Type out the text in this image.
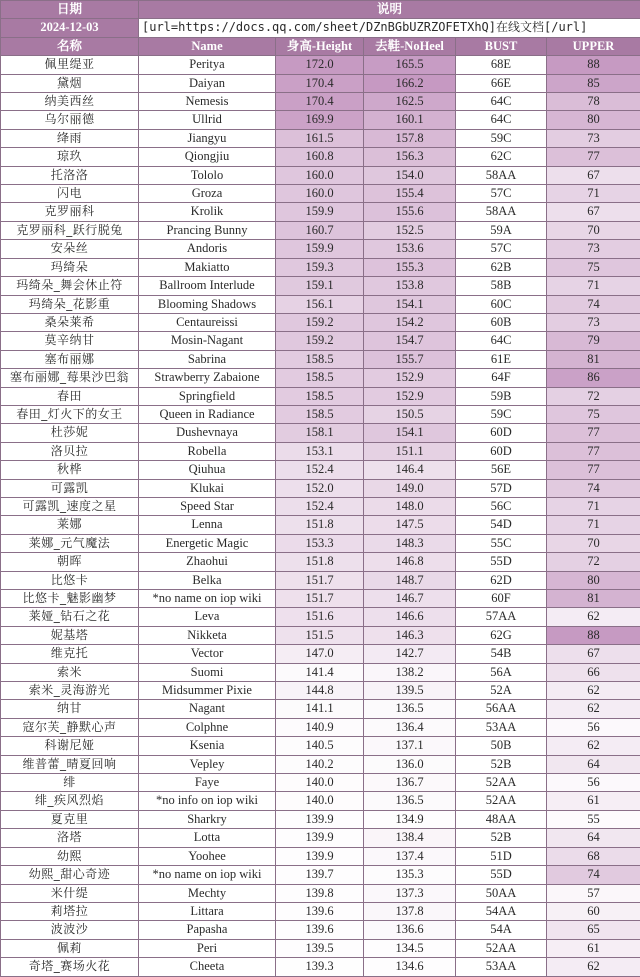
日期	说明				
2024-12-03	[url=https://docs.qq.com/sheet/DZnBGbUZRZOFETXhQ]在线文档[/url]				
名称	Name	身高-Height	去鞋-NoHeel	BUST	UPPER
佩里缇亚	Peritya	172.0	165.5	68E	88
黛烟	Daiyan	170.4	166.2	66E	85
纳美西丝	Nemesis	170.4	162.5	64C	78
乌尔丽德	Ullrid	169.9	160.1	64C	80
绛雨	Jiangyu	161.5	157.8	59C	73
琼玖	Qiongjiu	160.8	156.3	62C	77
托洛洛	Tololo	160.0	154.0	58AA	67
闪电	Groza	160.0	155.4	57C	71
克罗丽科	Krolik	159.9	155.6	58AA	67
克罗丽科_跃行脱兔	Prancing Bunny	160.7	152.5	59A	70
安朵丝	Andoris	159.9	153.6	57C	73
玛绮朵	Makiatto	159.3	155.3	62B	75
玛绮朵_舞会休止符	Ballroom Interlude	159.1	153.8	58B	71
玛绮朵_花影重	Blooming Shadows	156.1	154.1	60C	74
桑朵莱希	Centaureissi	159.2	154.2	60B	73
莫辛纳甘	Mosin-Nagant	159.2	154.7	64C	79
塞布丽娜	Sabrina	158.5	155.7	61E	81
塞布丽娜_莓果沙巴翁	Strawberry Zabaione	158.5	152.9	64F	86
春田	Springfield	158.5	152.9	59B	72
春田_灯火下的女王	Queen in Radiance	158.5	150.5	59C	75
杜莎妮	Dushevnaya	158.1	154.1	60D	77
洛贝拉	Robella	153.1	151.1	60D	77
秋桦	Qiuhua	152.4	146.4	56E	77
可露凯	Klukai	152.0	149.0	57D	74
可露凯_速度之星	Speed Star	152.4	148.0	56C	71
莱娜	Lenna	151.8	147.5	54D	71
莱娜_元气魔法	Energetic Magic	153.3	148.3	55C	70
朝晖	Zhaohui	151.8	146.8	55D	72
比悠卡	Belka	151.7	148.7	62D	80
比悠卡_魅影幽梦	*no name on iop wiki	151.7	146.7	60F	81
莱娅_钻石之花	Leva	151.6	146.6	57AA	62
妮基塔	Nikketa	151.5	146.3	62G	88
维克托	Vector	147.0	142.7	54B	67
索米	Suomi	141.4	138.2	56A	66
索米_灵海游光	Midsummer Pixie	144.8	139.5	52A	62
纳甘	Nagant	141.1	136.5	56AA	62
寇尔芙_静默心声	Colphne	140.9	136.4	53AA	56
科谢尼娅	Ksenia	140.5	137.1	50B	62
维普蕾_晴夏回响	Vepley	140.2	136.0	52B	64
绯	Faye	140.0	136.7	52AA	56
绯_疾风烈焰	*no info on iop wiki	140.0	136.5	52AA	61
夏克里	Sharkry	139.9	134.9	48AA	55
洛塔	Lotta	139.9	138.4	52B	64
幼熙	Yoohee	139.9	137.4	51D	68
幼熙_甜心奇迹	*no name on iop wiki	139.7	135.3	55D	74
米什缇	Mechty	139.8	137.3	50AA	57
莉塔拉	Littara	139.6	137.8	54AA	60
波波沙	Papasha	139.6	136.6	54A	65
佩莉	Peri	139.5	134.5	52AA	61
奇塔_赛场火花	Cheeta	139.3	134.6	53AA	62
